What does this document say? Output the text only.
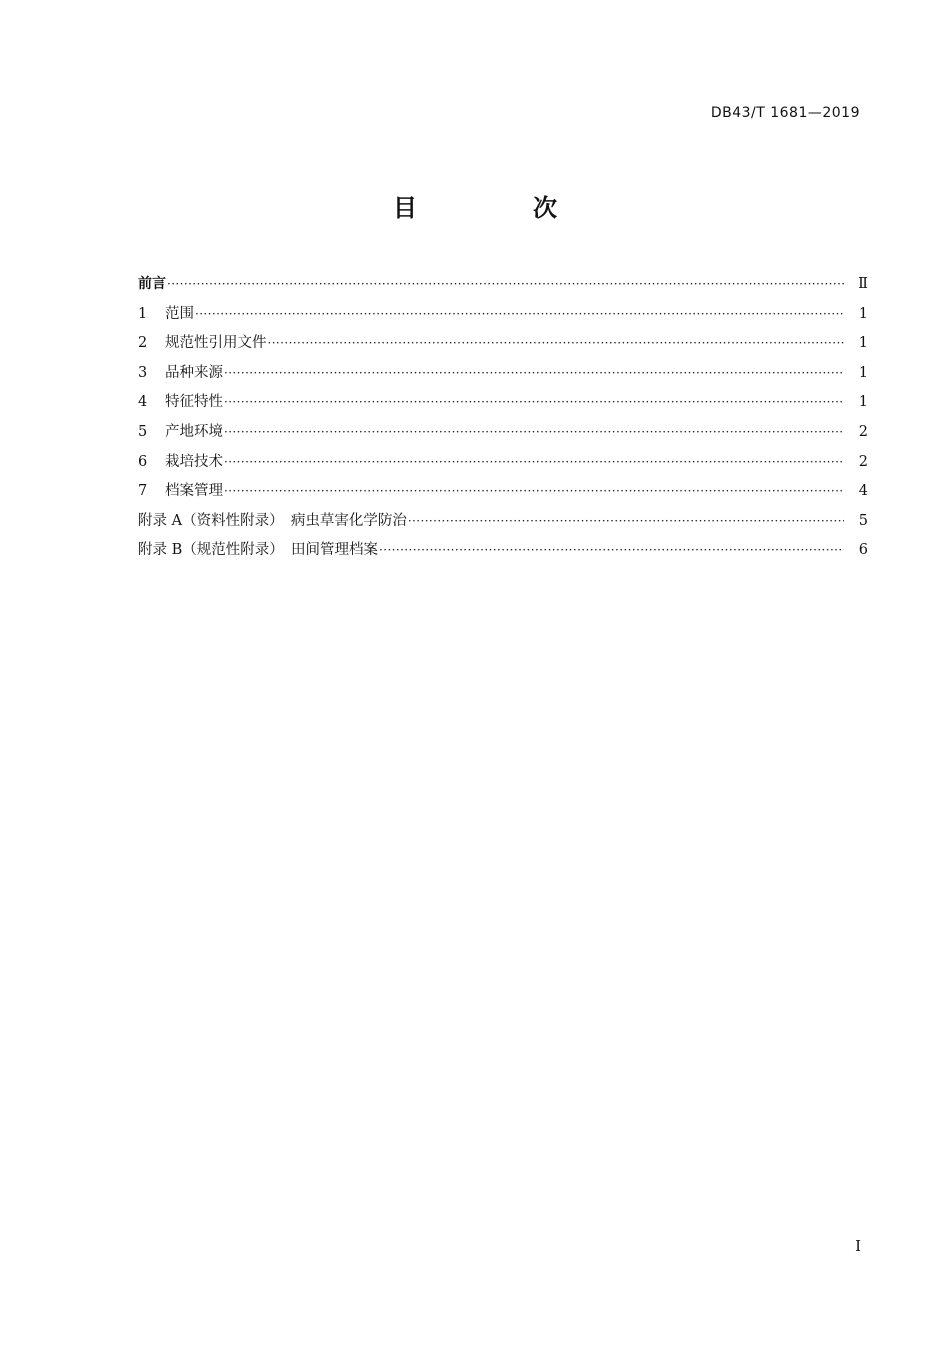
DB43/T 1681—2019
目　次
前言 ·····	Ⅱ
1	范围 ·····	1
2	规范性引用文件 ·····	1
3	品种来源 ·····	1
4	特征特性 ·····	1
5	产地环境 ·····	2
6	栽培技术 ·····	2
7	档案管理 ·····	4
附录 A（资料性附录）　病虫草害化学防治 ·····	5
附录 B（规范性附录）　田间管理档案 ·····	6
I
